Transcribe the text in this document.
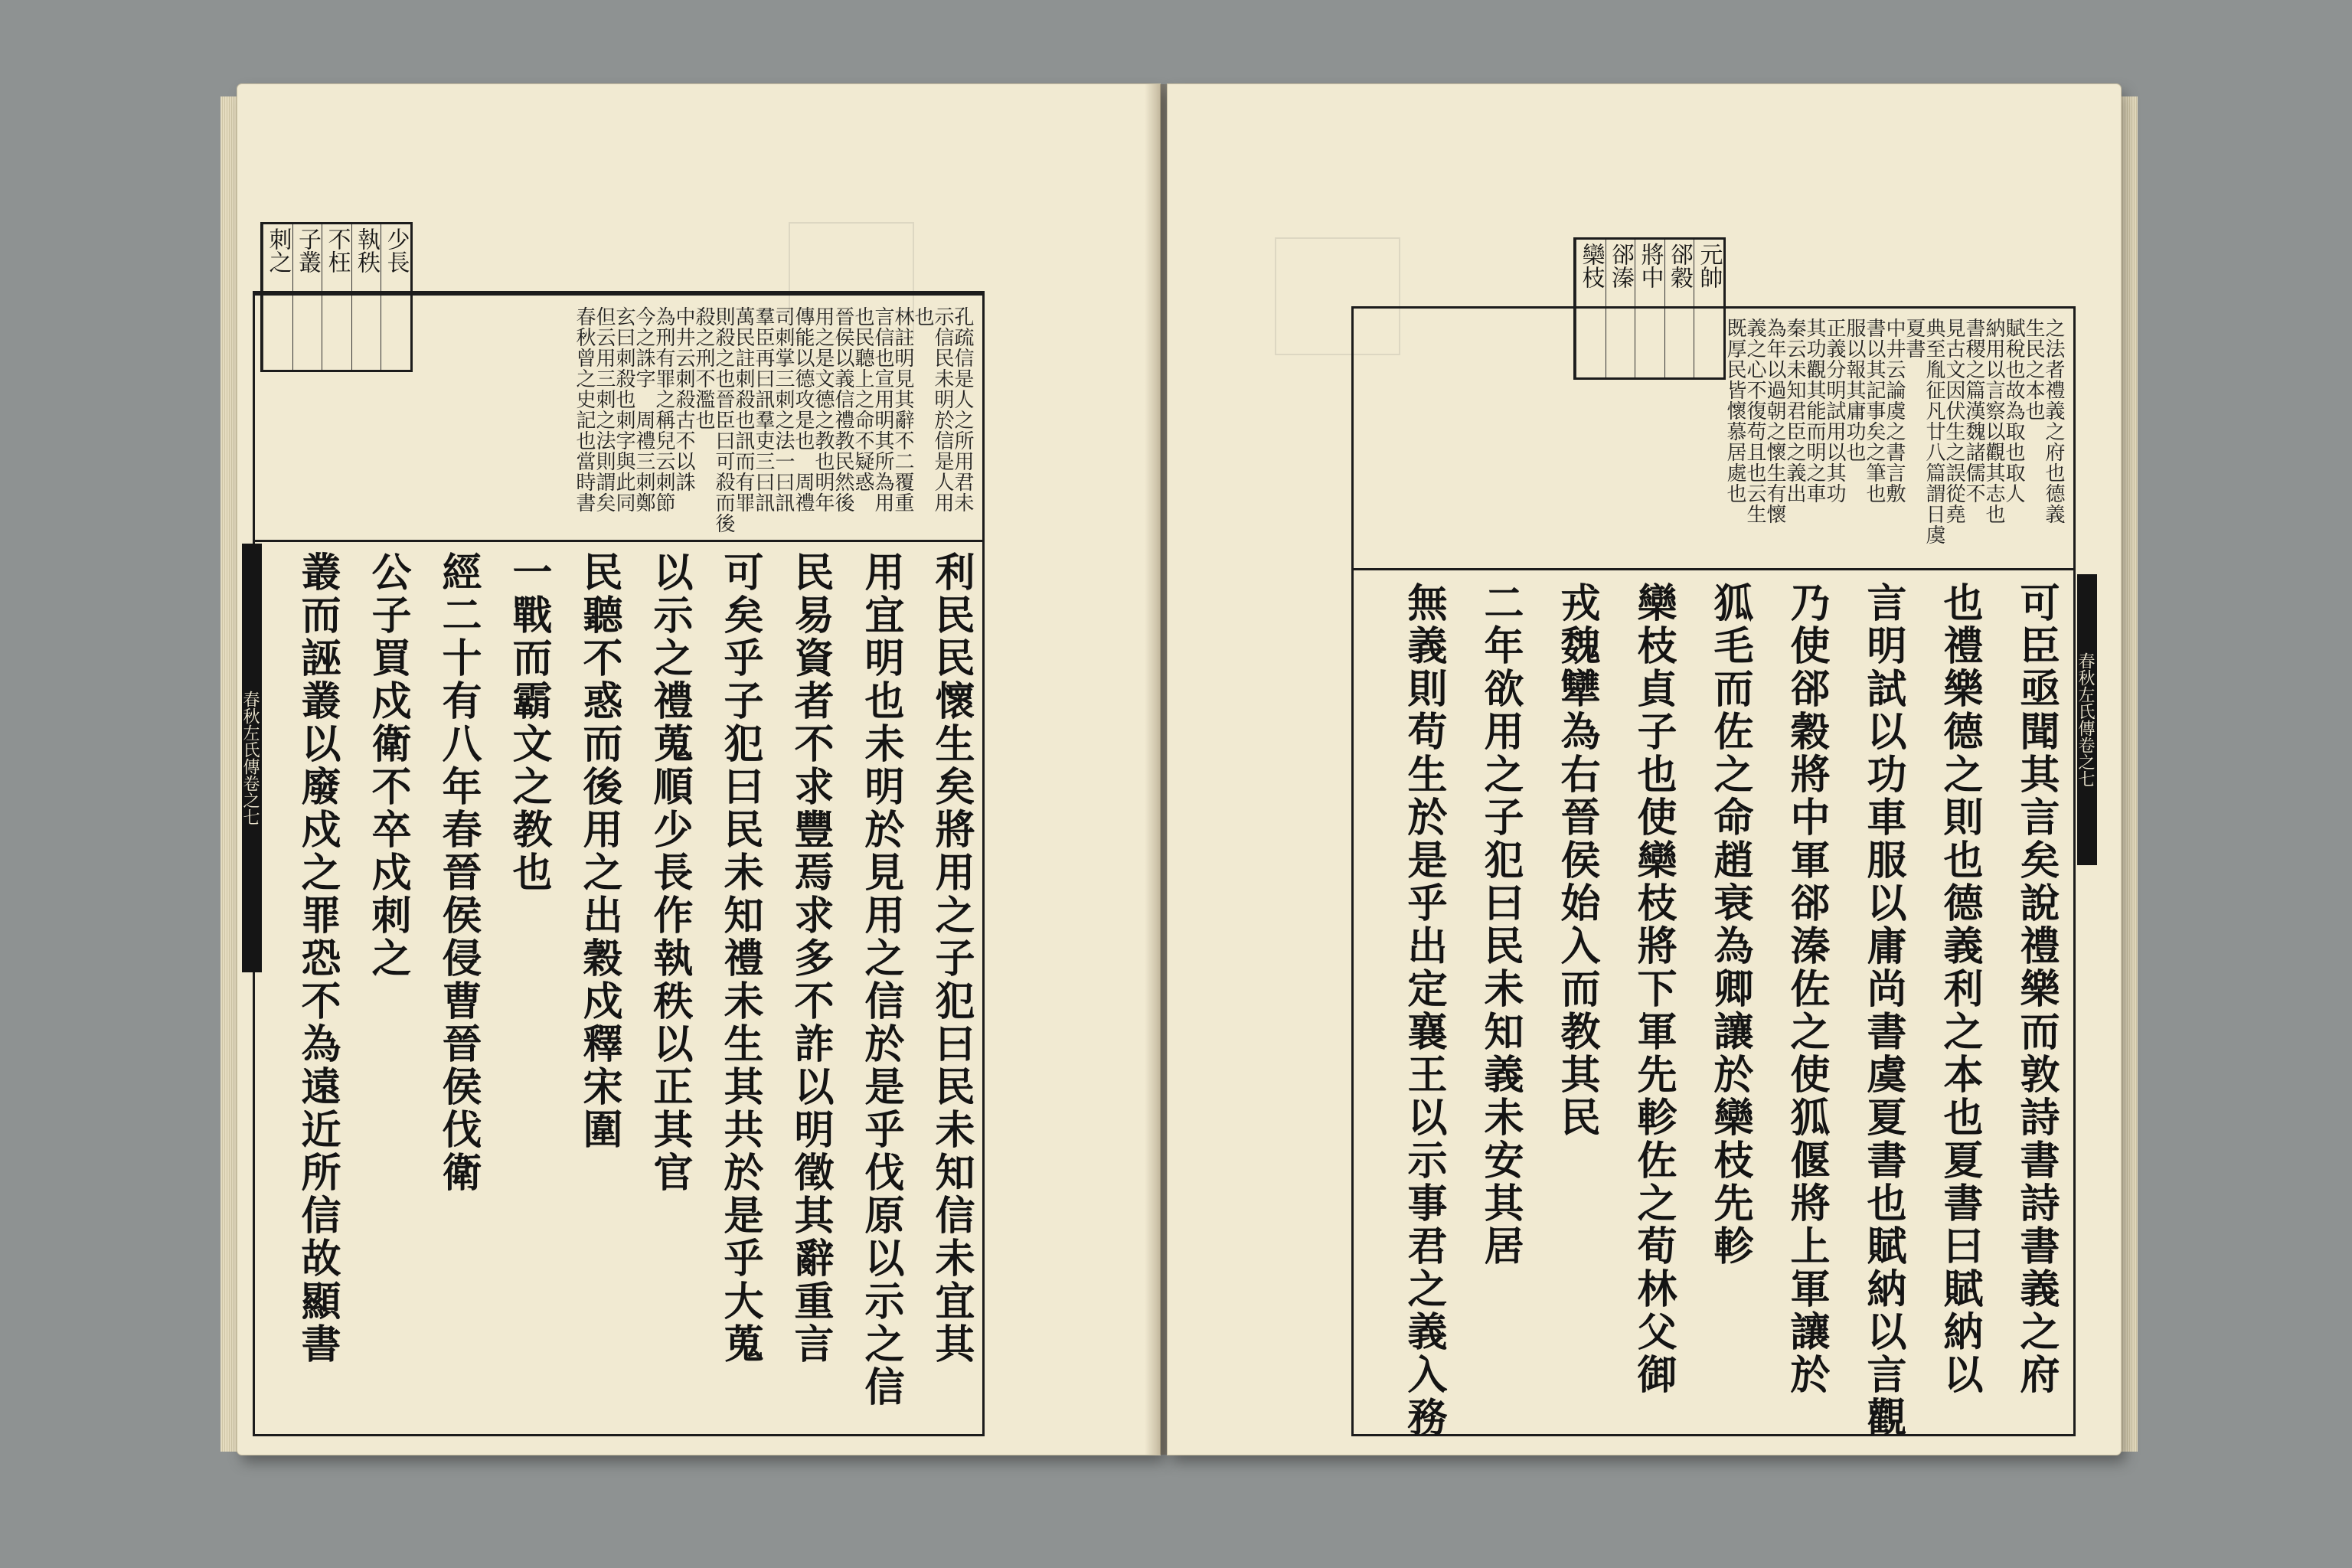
少長
執秩
不枉
子叢
刺之
孔疏信是人之所用君未
示信民未明於信是人用
也
林註明見其辭不二覆重
言信也宣用明其所為用
也民聽上之命不疑惑
晉侯以義信禮教民然後
用之是文德之教也明年
傳能以德攻是也　周禮
司刺掌三刺之法一曰訊
羣臣再曰訊羣吏三曰訊
萬民註刺殺也訊而有罪
則殺之也晉臣曰可殺而後
殺之刑不濫也
中井云刺殺古不以誅
為刑有罪之稱兒云刺節
今之誅字　周禮三刺鄭
玄曰刺殺也刺字與此同
但云用三刺之法則謂矣
春秋曾之史記也當時書
利民民懷生矣將用之子犯曰民未知信未宜其
用宜明也未明於見用之信於是乎伐原以示之信
民易資者不求豐焉求多不詐以明徵其辭重言
可矣乎子犯曰民未知禮未生其共於是乎大蒐
以示之禮蒐順少長作執秩以正其官
民聽不惑而後用之出穀戍釋宋圍
一戰而霸文之教也
經二十有八年春晉侯侵曹晉侯伐衛
公子買戍衛不卒戍刺之
叢而誣叢以廢戍之罪恐不為遠近所信故顯書
春秋左氏傳卷之七
元帥
郤穀
將中
郤溱
欒枝
之法者禮義之府也德義
生民之本也
賦稅也故為取也取人
納用以言察以觀其志也
書稷之篇漢魏諸儒不
見古文因伏生之誤從堯
典至胤征凡廿八篇謂日虞
夏書
中井云論虞之書言敷
書以其記事矣之筆也
服以報其庸功也
正義分明試用以其功
其功觀其能而明之車
秦云未知君臣之義出
為年以過朝之懷生有懷
義之心不復苟且也云生
既厚民皆懷慕居處也
可臣亟聞其言矣說禮樂而敦詩書詩書義之府
也禮樂德之則也德義利之本也夏書曰賦納以
言明試以功車服以庸尚書虞夏書也賦納以言觀
乃使郤穀將中軍郤溱佐之使狐偃將上軍讓於
狐毛而佐之命趙衰為卿讓於欒枝先軫
欒枝貞子也使欒枝將下軍先軫佐之荀林父御
戎魏犫為右晉侯始入而教其民
二年欲用之子犯曰民未知義未安其居
無義則苟生於是乎出定襄王以示事君之義入務	春秋左氏傳卷之七
